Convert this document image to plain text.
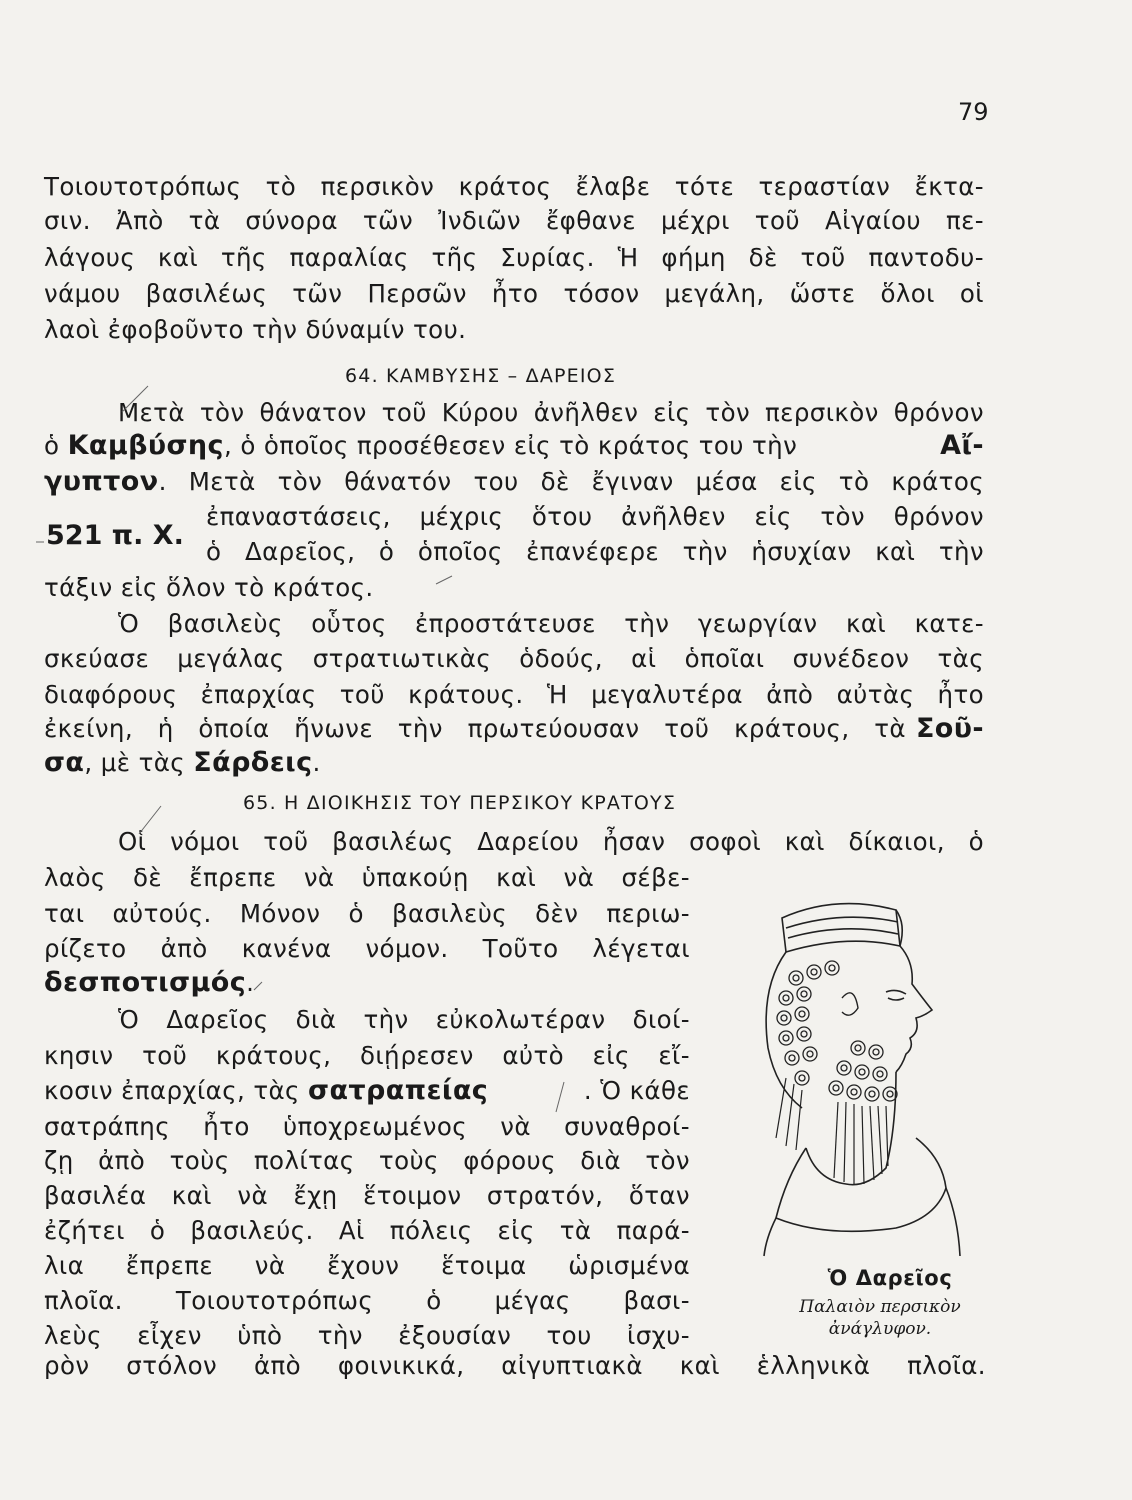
79
Τοιουτοτρόπως τὸ περσικὸν κράτος ἔλαβε τότε τεραστίαν ἔκτα-
σιν. Ἀπὸ τὰ σύνορα τῶν Ἰνδιῶν ἔφθανε μέχρι τοῦ Αἰγαίου πε-
λάγους καὶ τῆς παραλίας τῆς Συρίας. Ἡ φήμη δὲ τοῦ παντοδυ-
νάμου βασιλέως τῶν Περσῶν ἦτο τόσον μεγάλη, ὥστε ὅλοι οἱ
λαοὶ ἐφοβοῦντο τὴν δύναμίν του.
64. ΚΑΜΒΥΣΗΣ – ΔΑΡΕΙΟΣ
Μετὰ τὸν θάνατον τοῦ Κύρου ἀνῆλθεν εἰς τὸν περσικὸν θρόνον
ὁ Καμβύσης, ὁ ὁποῖος προσέθεσεν εἰς τὸ κράτος του τὴν	Αἴ-
γυπτον . Μετὰ τὸν θάνατόν του δὲ ἔγιναν μέσα εἰς τὸ κράτος
521 π. Χ.
ἐπαναστάσεις, μέχρις ὅτου ἀνῆλθεν εἰς τὸν θρόνον
ὁ Δαρεῖος, ὁ ὁποῖος ἐπανέφερε τὴν ἡσυχίαν καὶ τὴν
τάξιν εἰς ὅλον τὸ κράτος.
Ὁ βασιλεὺς οὗτος ἐπροστάτευσε τὴν γεωργίαν καὶ κατε-
σκεύασε μεγάλας στρατιωτικὰς ὁδούς, αἱ ὁποῖαι συνέδεον τὰς
διαφόρους ἐπαρχίας τοῦ κράτους. Ἡ μεγαλυτέρα ἀπὸ αὐτὰς ἦτο
ἐκείνη, ἡ ὁποία ἥνωνε τὴν πρωτεύουσαν τοῦ κράτους, τὰ Σοῦ-
σα, μὲ τὰς Σάρδεις.
65. Η ΔΙΟΙΚΗΣΙΣ ΤΟΥ ΠΕΡΣΙΚΟΥ ΚΡΑΤΟΥΣ
Οἱ νόμοι τοῦ βασιλέως Δαρείου ἦσαν σοφοὶ καὶ δίκαιοι, ὁ
λαὸς δὲ ἔπρεπε νὰ ὑπακούῃ καὶ νὰ σέβε-
ται αὐτούς. Μόνον ὁ βασιλεὺς δὲν περιω-
ρίζετο ἀπὸ κανένα νόμον. Τοῦτο λέγεται
δεσποτισμός.
Ὁ Δαρεῖος διὰ τὴν εὐκολωτέραν διοί-
κησιν τοῦ κράτους, διῄρεσεν αὐτὸ εἰς εἴ-
κοσιν ἐπαρχίας, τὰς σατραπείας	. Ὁ κάθε
σατράπης ἦτο ὑποχρεωμένος νὰ συναθροί-
ζῃ ἀπὸ τοὺς πολίτας τοὺς φόρους διὰ τὸν
βασιλέα καὶ νὰ ἔχῃ ἕτοιμον στρατόν, ὅταν
ἐζήτει ὁ βασιλεύς. Αἱ πόλεις εἰς τὰ παρά-
λια ἔπρεπε νὰ ἔχουν ἕτοιμα ὡρισμένα
πλοῖα. Τοιουτοτρόπως ὁ μέγας βασι-
λεὺς εἶχεν ὑπὸ τὴν ἐξουσίαν του ἰσχυ-
ρὸν στόλον ἀπὸ φοινικικά, αἰγυπτιακὰ καὶ ἑλληνικὰ πλοῖα.
Ὁ Δαρεῖος
Παλαιὸν περσικὸν
ἀνάγλυφον.
